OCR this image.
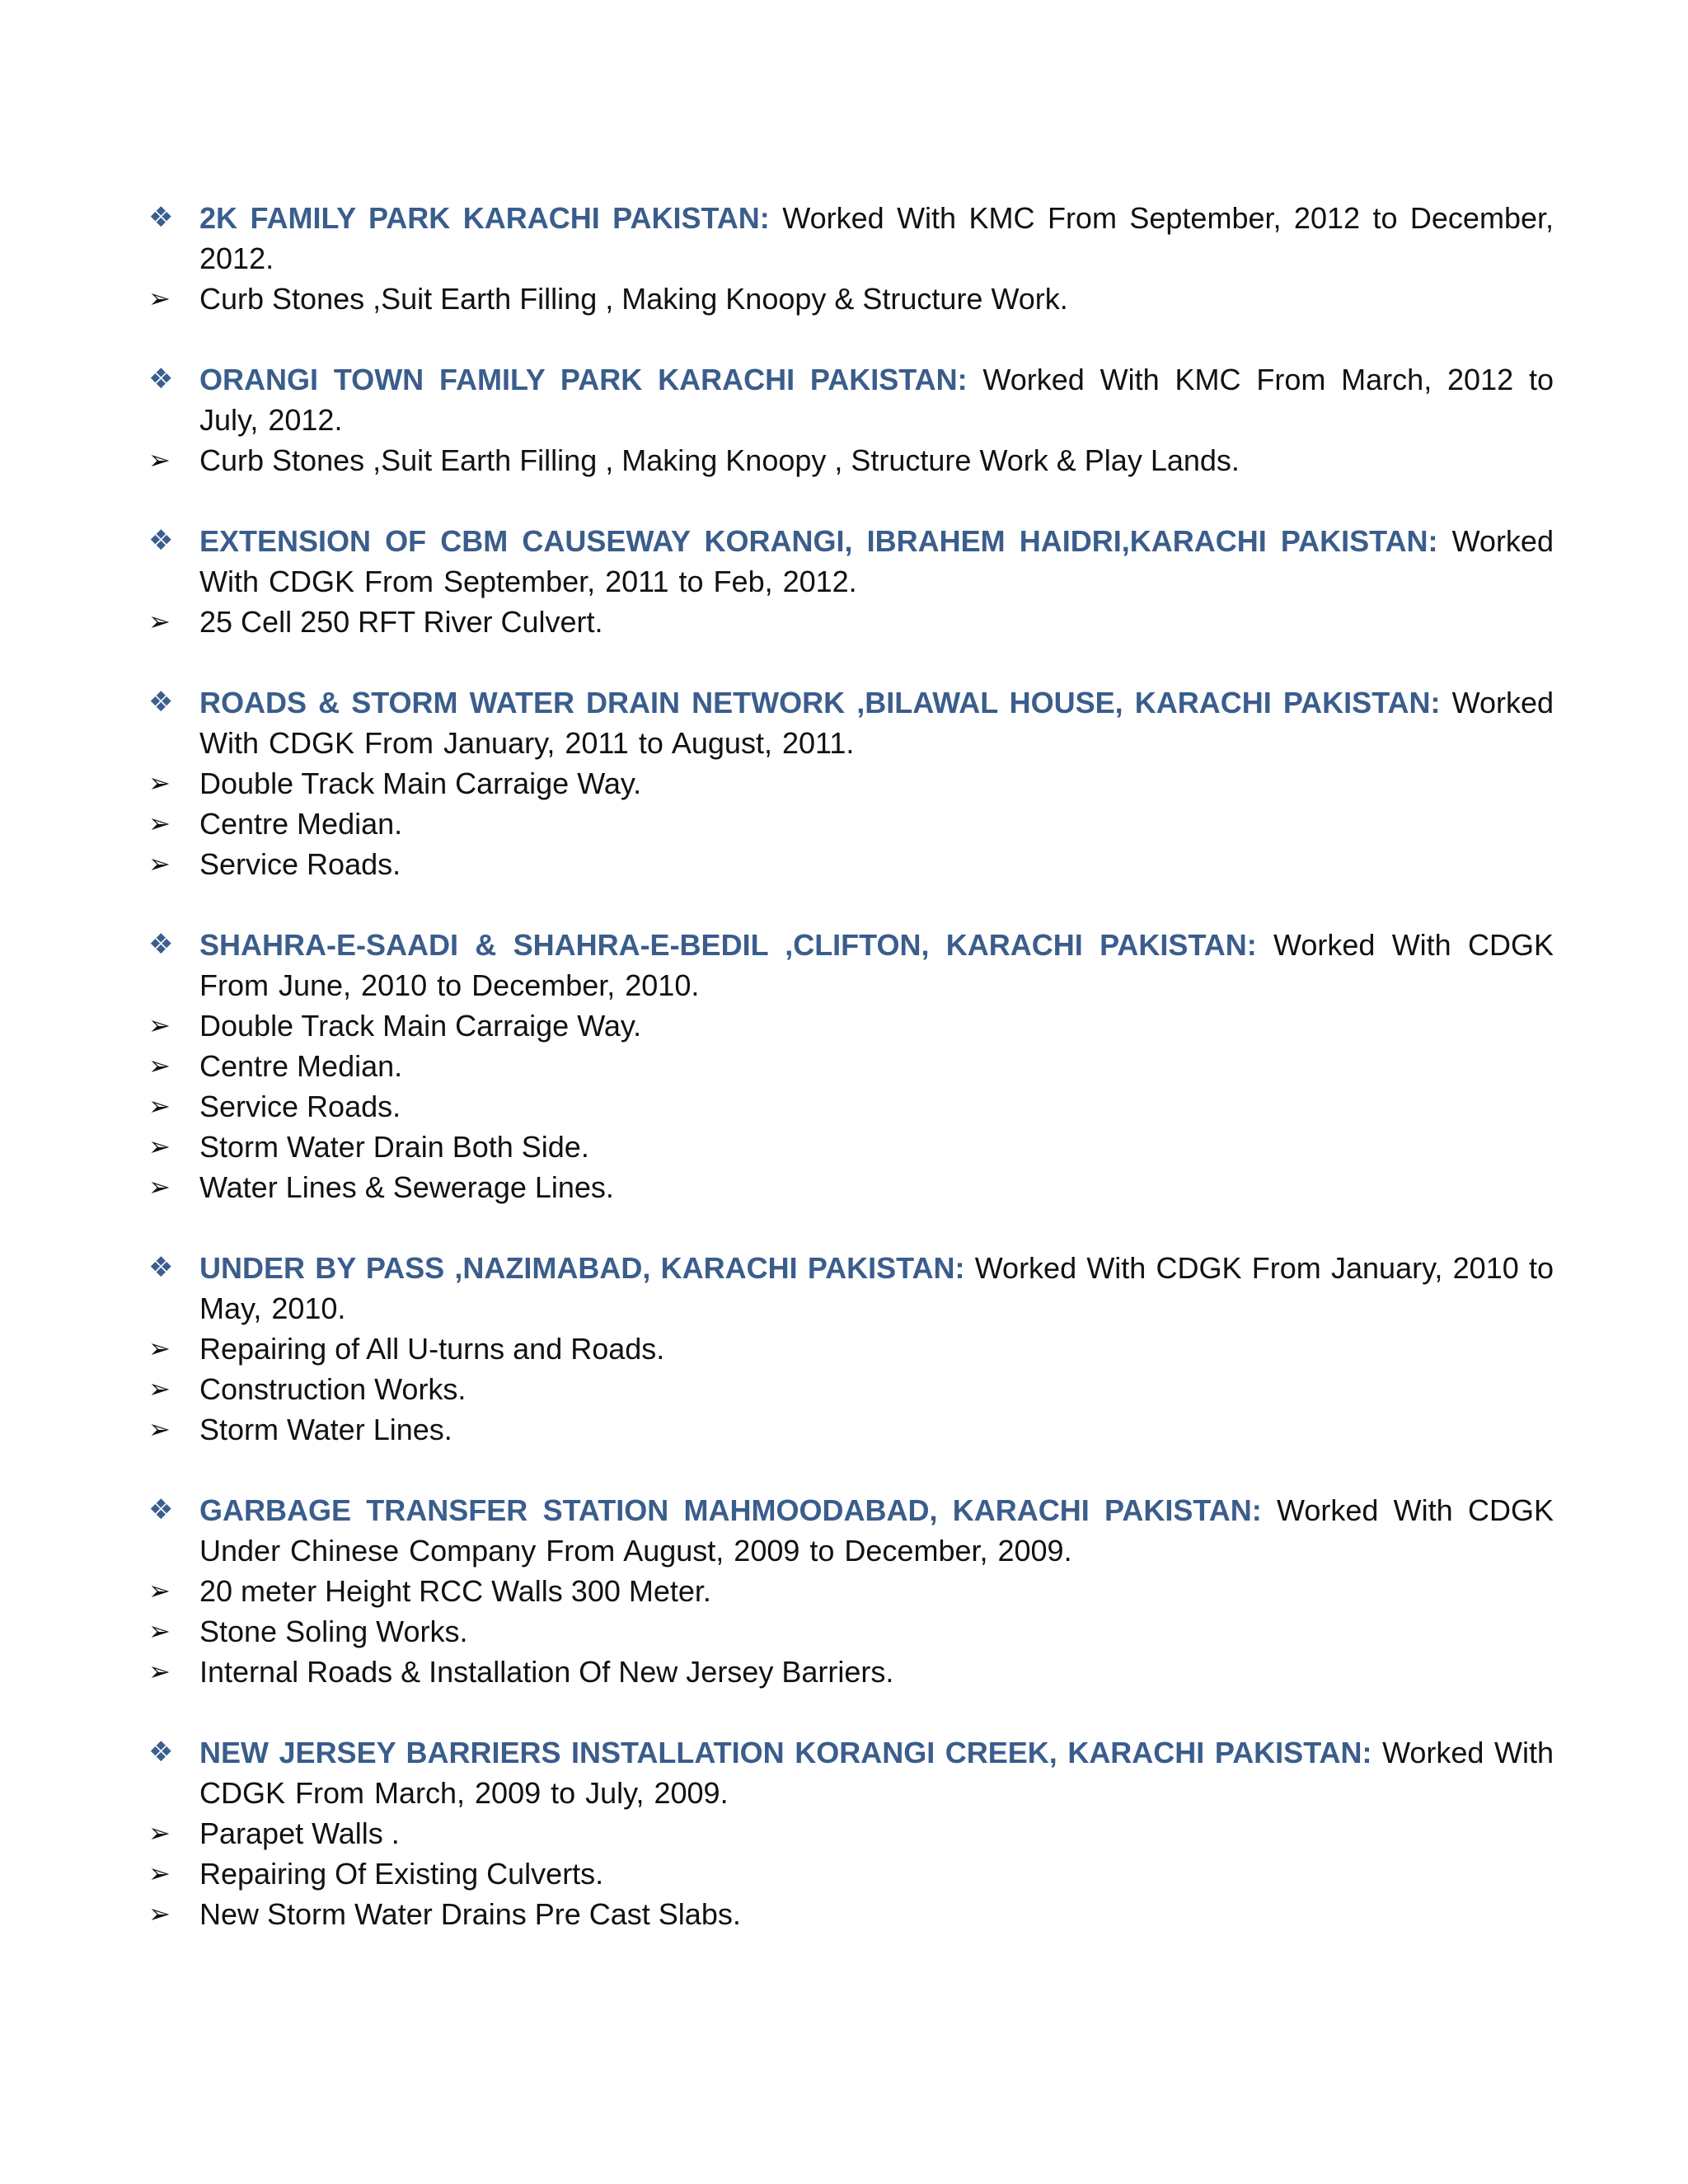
❖ 2K FAMILY PARK KARACHI PAKISTAN: Worked With KMC From September, 2012 to December, 2012.
➢ Curb Stones ,Suit Earth Filling , Making Knoopy & Structure Work.
❖ ORANGI TOWN FAMILY PARK KARACHI PAKISTAN: Worked With KMC From March, 2012 to July, 2012.
➢ Curb Stones ,Suit Earth Filling , Making Knoopy , Structure Work & Play Lands.
❖ EXTENSION OF CBM CAUSEWAY KORANGI, IBRAHEM HAIDRI,KARACHI PAKISTAN: Worked With CDGK From September, 2011 to Feb, 2012.
➢ 25 Cell 250 RFT River Culvert.
❖ ROADS & STORM WATER DRAIN NETWORK ,BILAWAL HOUSE, KARACHI PAKISTAN: Worked With CDGK From January, 2011 to August, 2011.
➢ Double Track Main Carraige Way.
➢ Centre Median.
➢ Service Roads.
❖ SHAHRA-E-SAADI & SHAHRA-E-BEDIL ,CLIFTON, KARACHI PAKISTAN: Worked With CDGK From June, 2010 to December, 2010.
➢ Double Track Main Carraige Way.
➢ Centre Median.
➢ Service Roads.
➢ Storm Water Drain Both Side.
➢ Water Lines & Sewerage Lines.
❖ UNDER BY PASS ,NAZIMABAD, KARACHI PAKISTAN: Worked With CDGK From January, 2010 to May, 2010.
➢ Repairing of All U-turns and Roads.
➢ Construction Works.
➢ Storm Water Lines.
❖ GARBAGE TRANSFER STATION MAHMOODABAD, KARACHI PAKISTAN: Worked With CDGK Under Chinese Company From August, 2009 to December, 2009.
➢ 20 meter Height RCC Walls 300 Meter.
➢ Stone Soling Works.
➢ Internal Roads & Installation Of New Jersey Barriers.
❖ NEW JERSEY BARRIERS INSTALLATION KORANGI CREEK, KARACHI PAKISTAN: Worked With CDGK From March, 2009 to July, 2009.
➢ Parapet Walls .
➢ Repairing Of Existing Culverts.
➢ New Storm Water Drains Pre Cast Slabs.
